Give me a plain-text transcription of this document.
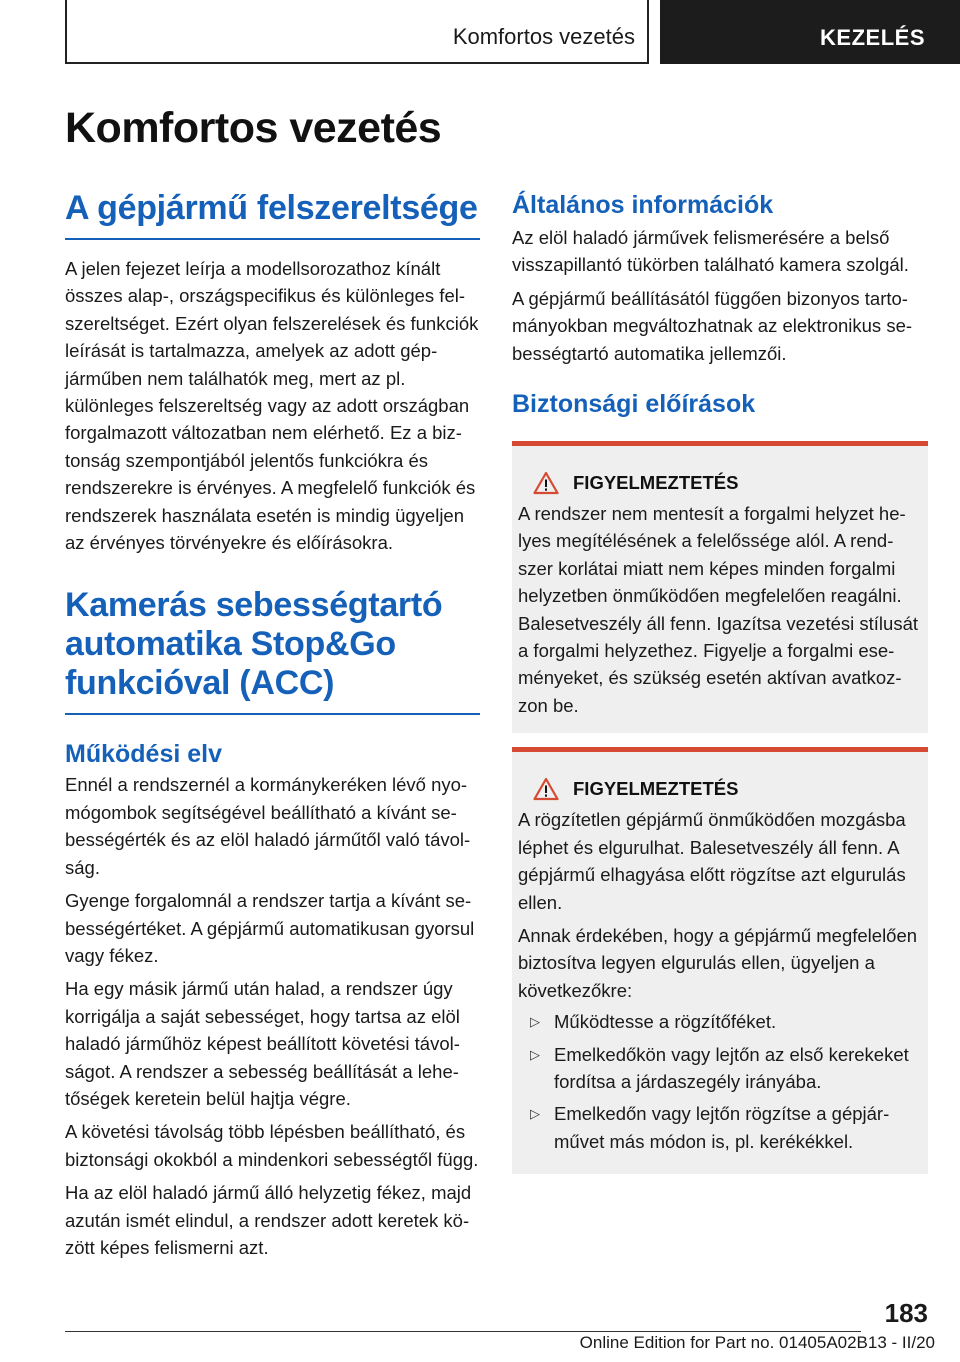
Komfortos vezetés	KEZELÉS
Komfortos vezetés
A gépjármű felszereltsége

A jelen fejezet leírja a modellsorozathoz kínált összes alap-, országspecifikus és különleges felszereltséget. Ezért olyan felszerelések és funkciók leírását is tartalmazza, amelyek az adott gépjárműben nem találhatók meg, mert az pl. különleges felszereltség vagy az adott országban forgalmazott változatban nem elérhető. Ez a biztonság szempontjából jelentős funkciókra és rendszerekre is érvényes. A megfelelő funkciók és rendszerek használata esetén is mindig ügyeljen az érvényes törvényekre és előírásokra.

Kamerás sebességtartó automatika Stop&Go funkcióval (ACC)
Működési elv

Ennél a rendszernél a kormánykeréken lévő nyomógombok segítségével beállítható a kívánt sebességérték és az elöl haladó járműtől való távolság.

Gyenge forgalomnál a rendszer tartja a kívánt sebességértéket. A gépjármű automatikusan gyorsul vagy fékez.

Ha egy másik jármű után halad, a rendszer úgy korrigálja a saját sebességet, hogy tartsa az elöl haladó járműhöz képest beállított követési távolságot. A rendszer a sebesség beállítását a lehetőségek keretein belül hajtja végre.

A követési távolság több lépésben beállítható, és biztonsági okokból a mindenkori sebességtől függ.

Ha az elöl haladó jármű álló helyzetig fékez, majd azután ismét elindul, a rendszer adott keretek között képes felismerni azt.

Általános információk

Az elöl haladó járművek felismerésére a belső visszapillantó tükörben található kamera szolgál.

A gépjármű beállításától függően bizonyos tartományokban megváltozhatnak az elektronikus sebességtartó automatika jellemzői.

Biztonsági előírások
FIGYELMEZTETÉS

A rendszer nem mentesít a forgalmi helyzet helyes megítélésének a felelőssége alól. A rendszer korlátai miatt nem képes minden forgalmi helyzetben önműködően megfelelően reagálni. Balesetveszély áll fenn. Igazítsa vezetési stílusát a forgalmi helyzethez. Figyelje a forgalmi eseményeket, és szükség esetén aktívan avatkozzon be.

FIGYELMEZTETÉS

A rögzítetlen gépjármű önműködően mozgásba léphet és elgurulhat. Balesetveszély áll fenn. A gépjármű elhagyása előtt rögzítse azt elgurulás ellen.

Annak érdekében, hogy a gépjármű megfelelően biztosítva legyen elgurulás ellen, ügyeljen a következőkre:

▷ Működtesse a rögzítőféket.
▷ Emelkedőkön vagy lejtőn az első kerekeket fordítsa a járdaszegély irányába.
▷ Emelkedőn vagy lejtőn rögzítse a gépjárművet más módon is, pl. kerékékkel.
183
Online Edition for Part no. 01405A02B13 - II/20
